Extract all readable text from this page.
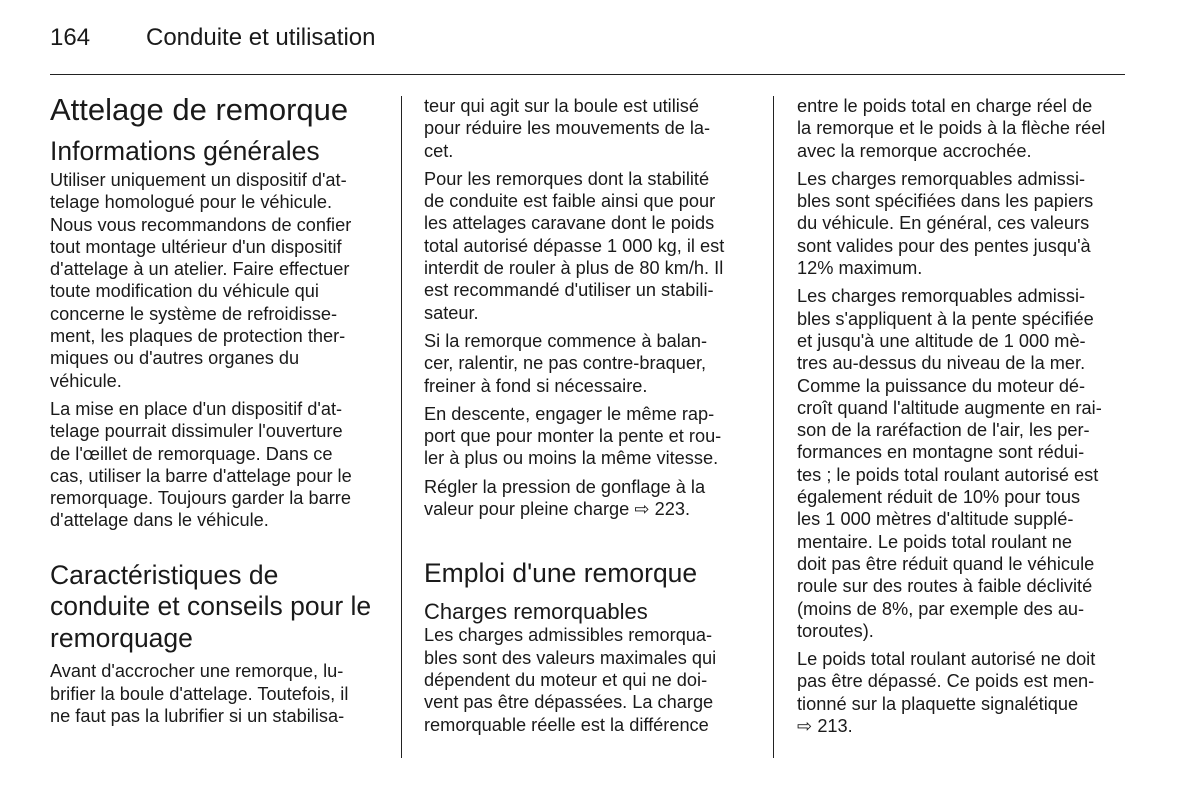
164 Conduite et utilisation
Attelage de remorque
Informations générales

Utiliser uniquement un dispositif d'at-
telage homologué pour le véhicule.
Nous vous recommandons de confier
tout montage ultérieur d'un dispositif
d'attelage à un atelier. Faire effectuer
toute modification du véhicule qui
concerne le système de refroidisse-
ment, les plaques de protection ther-
miques ou d'autres organes du
véhicule.

La mise en place d'un dispositif d'at-
telage pourrait dissimuler l'ouverture
de l'œillet de remorquage. Dans ce
cas, utiliser la barre d'attelage pour le
remorquage. Toujours garder la barre
d'attelage dans le véhicule.

Caractéristiques de
conduite et conseils pour le
remorquage

Avant d'accrocher une remorque, lu-
brifier la boule d'attelage. Toutefois, il
ne faut pas la lubrifier si un stabilisa-

teur qui agit sur la boule est utilisé
pour réduire les mouvements de la-
cet.

Pour les remorques dont la stabilité
de conduite est faible ainsi que pour
les attelages caravane dont le poids
total autorisé dépasse 1 000 kg, il est
interdit de rouler à plus de 80 km/h. Il
est recommandé d'utiliser un stabili-
sateur.

Si la remorque commence à balan-
cer, ralentir, ne pas contre-braquer,
freiner à fond si nécessaire.

En descente, engager le même rap-
port que pour monter la pente et rou-
ler à plus ou moins la même vitesse.

Régler la pression de gonflage à la
valeur pour pleine charge ⇨ 223.

Emploi d'une remorque
Charges remorquables

Les charges admissibles remorqua-
bles sont des valeurs maximales qui
dépendent du moteur et qui ne doi-
vent pas être dépassées. La charge
remorquable réelle est la différence

entre le poids total en charge réel de
la remorque et le poids à la flèche réel
avec la remorque accrochée.

Les charges remorquables admissi-
bles sont spécifiées dans les papiers
du véhicule. En général, ces valeurs
sont valides pour des pentes jusqu'à
12% maximum.

Les charges remorquables admissi-
bles s'appliquent à la pente spécifiée
et jusqu'à une altitude de 1 000 mè-
tres au-dessus du niveau de la mer.
Comme la puissance du moteur dé-
croît quand l'altitude augmente en rai-
son de la raréfaction de l'air, les per-
formances en montagne sont rédui-
tes ; le poids total roulant autorisé est
également réduit de 10% pour tous
les 1 000 mètres d'altitude supplé-
mentaire. Le poids total roulant ne
doit pas être réduit quand le véhicule
roule sur des routes à faible déclivité
(moins de 8%, par exemple des au-
toroutes).

Le poids total roulant autorisé ne doit
pas être dépassé. Ce poids est men-
tionné sur la plaquette signalétique
⇨ 213.
